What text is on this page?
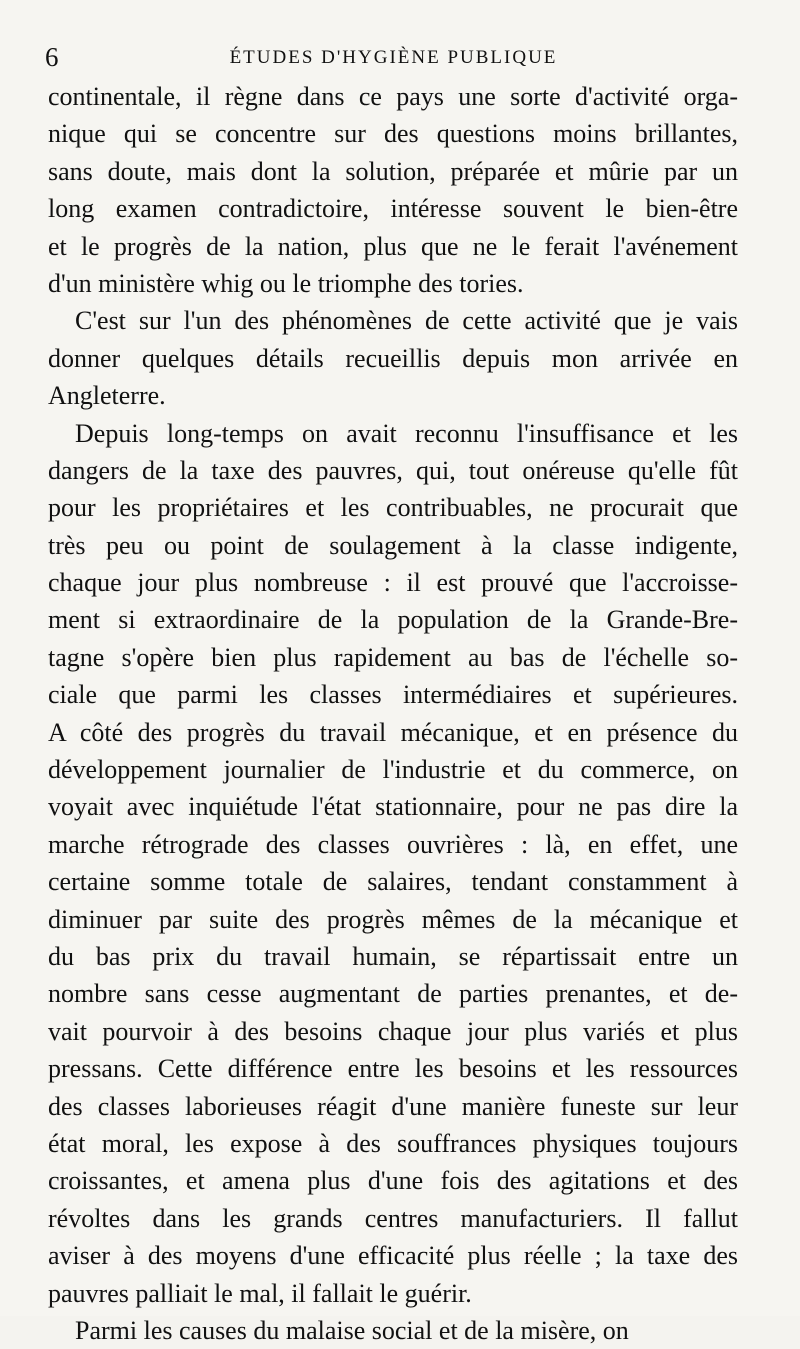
6	ÉTUDES D'HYGIÈNE PUBLIQUE
continentale, il règne dans ce pays une sorte d'activité orga-
nique qui se concentre sur des questions moins brillantes,
sans doute, mais dont la solution, préparée et mûrie par un
long examen contradictoire, intéresse souvent le bien-être
et le progrès de la nation, plus que ne le ferait l'avénement
d'un ministère whig ou le triomphe des tories.
C'est sur l'un des phénomènes de cette activité que je vais
donner quelques détails recueillis depuis mon arrivée en
Angleterre.
Depuis long-temps on avait reconnu l'insuffisance et les
dangers de la taxe des pauvres, qui, tout onéreuse qu'elle fût
pour les propriétaires et les contribuables, ne procurait que
très peu ou point de soulagement à la classe indigente,
chaque jour plus nombreuse : il est prouvé que l'accroisse-
ment si extraordinaire de la population de la Grande-Bre-
tagne s'opère bien plus rapidement au bas de l'échelle so-
ciale que parmi les classes intermédiaires et supérieures.
A côté des progrès du travail mécanique, et en présence du
développement journalier de l'industrie et du commerce, on
voyait avec inquiétude l'état stationnaire, pour ne pas dire la
marche rétrograde des classes ouvrières : là, en effet, une
certaine somme totale de salaires, tendant constamment à
diminuer par suite des progrès mêmes de la mécanique et
du bas prix du travail humain, se répartissait entre un
nombre sans cesse augmentant de parties prenantes, et de-
vait pourvoir à des besoins chaque jour plus variés et plus
pressans. Cette différence entre les besoins et les ressources
des classes laborieuses réagit d'une manière funeste sur leur
état moral, les expose à des souffrances physiques toujours
croissantes, et amena plus d'une fois des agitations et des
révoltes dans les grands centres manufacturiers. Il fallut
aviser à des moyens d'une efficacité plus réelle ; la taxe des
pauvres palliait le mal, il fallait le guérir.
Parmi les causes du malaise social et de la misère, on
